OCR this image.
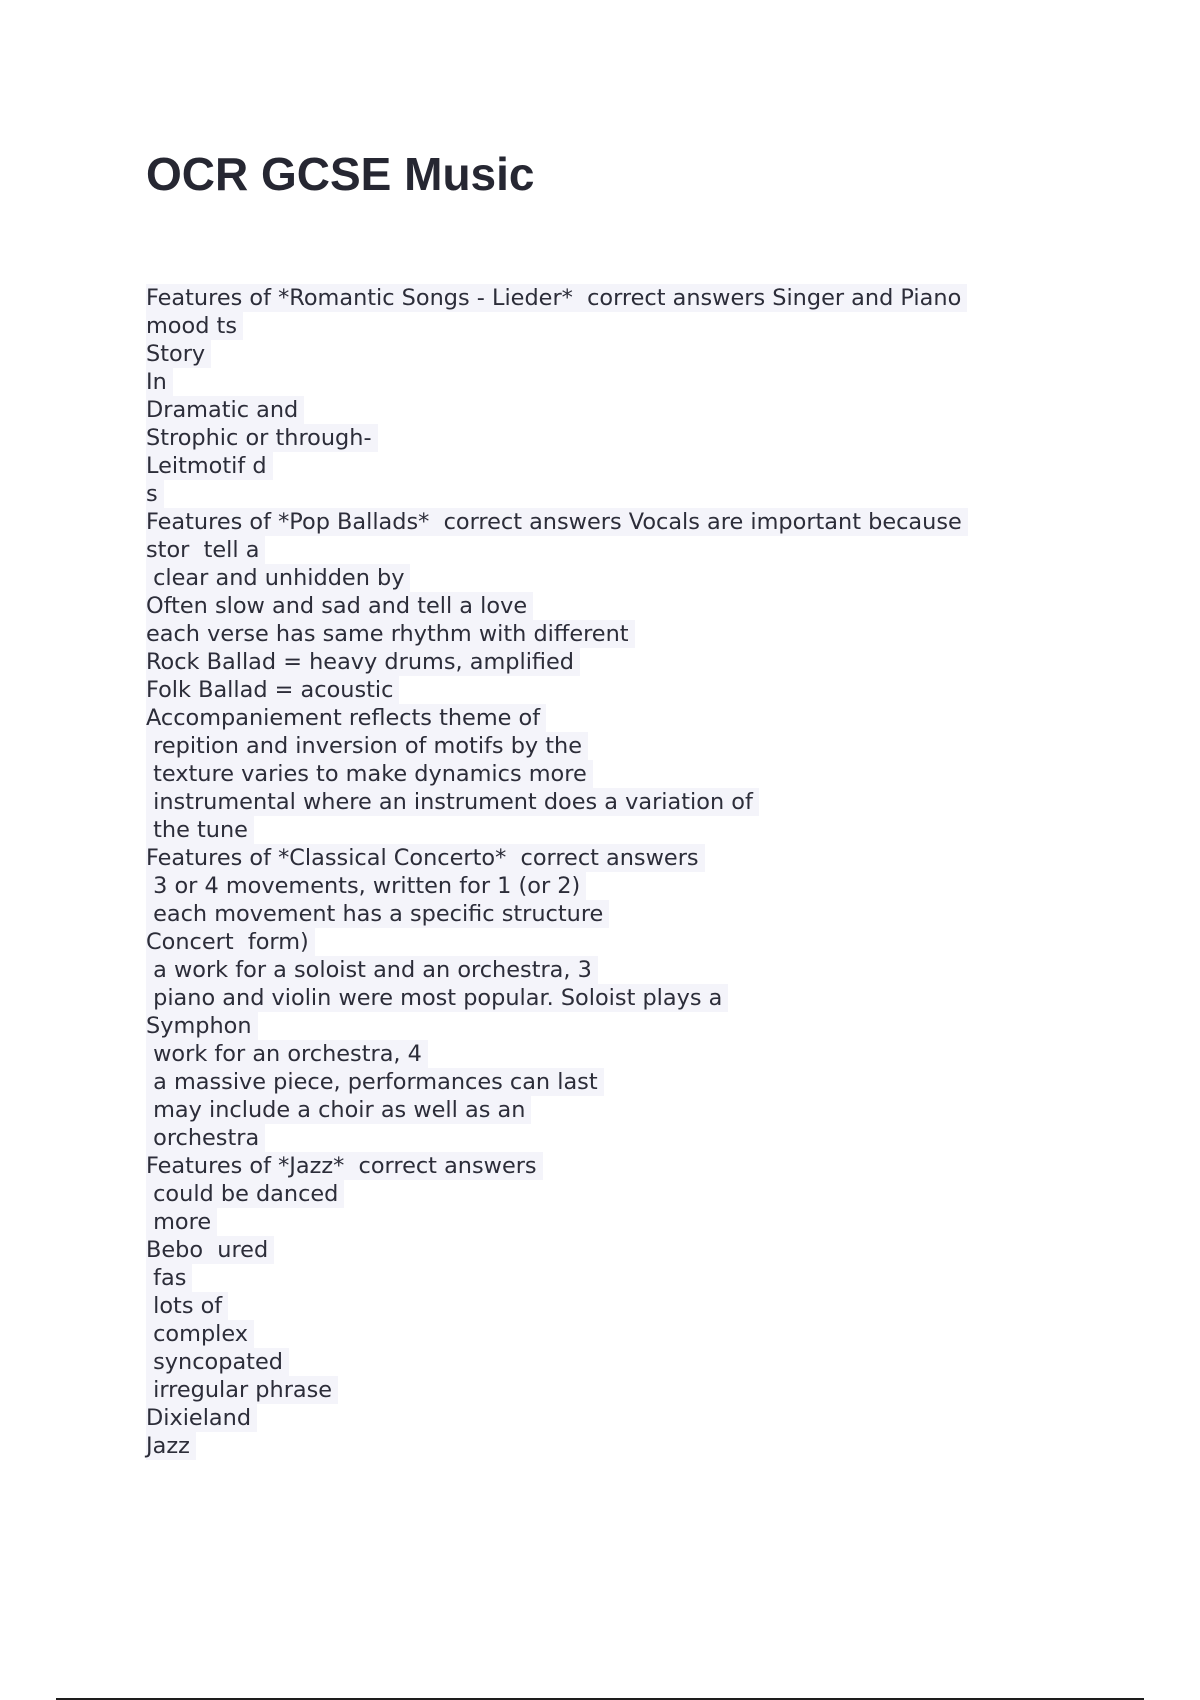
OCR GCSE Music
Features of *Romantic Songs - Lieder*  correct answers Singer and Piano
mood ts
Story
In
Dramatic and
Strophic or through-
Leitmotif d
s
Features of *Pop Ballads*  correct answers Vocals are important because
stor  tell a
clear and unhidden by
Often slow and sad and tell a love
each verse has same rhythm with different
Rock Ballad = heavy drums, amplified
Folk Ballad = acoustic
Accompaniement reflects theme of
repition and inversion of motifs by the
texture varies to make dynamics more
instrumental where an instrument does a variation of
the tune
Features of *Classical Concerto*  correct answers
3 or 4 movements, written for 1 (or 2)
each movement has a specific structure
Concert  form)
a work for a soloist and an orchestra, 3
piano and violin were most popular. Soloist plays a
Symphon
work for an orchestra, 4
a massive piece, performances can last
may include a choir as well as an
orchestra
Features of *Jazz*  correct answers
could be danced
more
Bebo  ured
fas
lots of
complex
syncopated
irregular phrase
Dixieland
Jazz
